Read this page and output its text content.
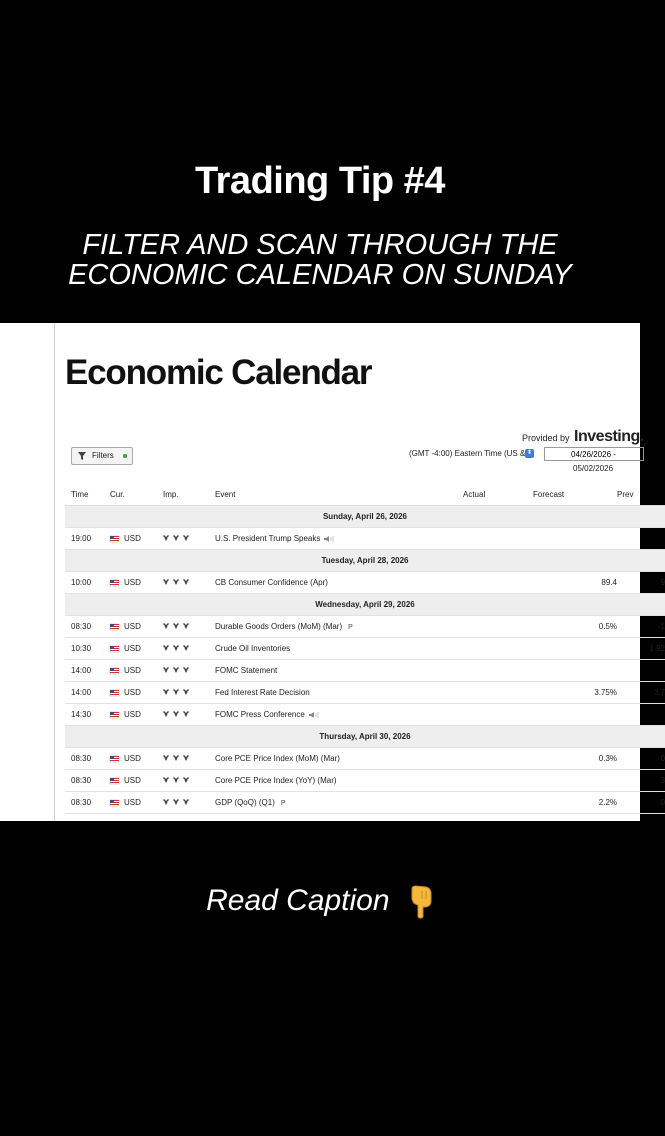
Trading Tip #4
FILTER AND SCAN THROUGH THE
ECONOMIC CALENDAR ON SUNDAY
Economic Calendar
Provided by Investing.
Filters	(GMT -4:00) Eastern Time (US & ⬍	04/26/2026 -
05/02/2026
Time	Cur.	Imp.	Event	Actual	Forecast	Prev
Sunday, April 26, 2026						
19:00	USD		U.S. President Trump Speaks			
Tuesday, April 28, 2026						
10:00	USD		CB Consumer Confidence (Apr)		89.4	9
Wednesday, April 29, 2026						
08:30	USD		Durable Goods Orders (MoM) (Mar) P		0.5%	-1
10:30	USD		Crude Oil Inventories			1.92
14:00	USD		FOMC Statement			
14:00	USD		Fed Interest Rate Decision		3.75%	3.7
14:30	USD		FOMC Press Conference			
Thursday, April 30, 2026						
08:30	USD		Core PCE Price Index (MoM) (Mar)		0.3%	0
08:30	USD		Core PCE Price Index (YoY) (Mar)			3
08:30	USD		GDP (QoQ) (Q1) P		2.2%	0
Read Caption
